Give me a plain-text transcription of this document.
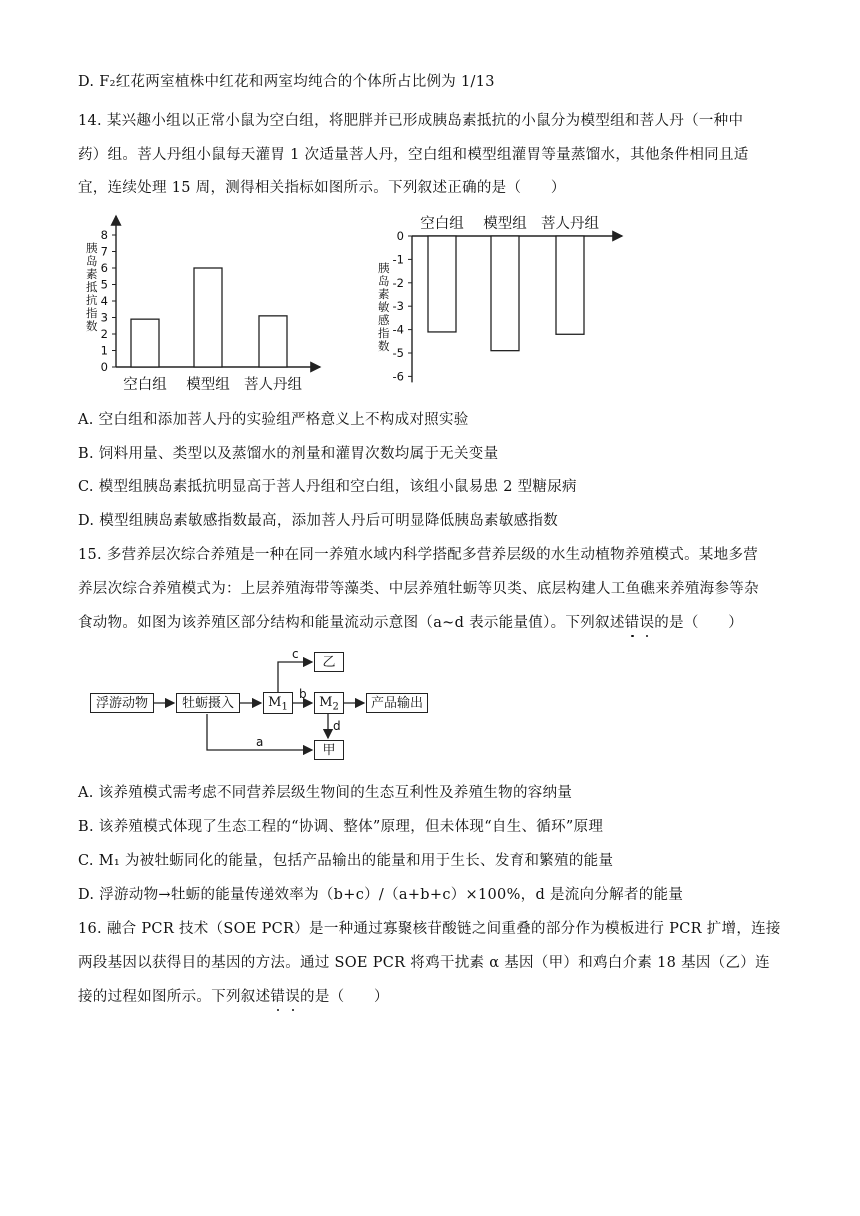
D. F₂红花两室植株中红花和两室均纯合的个体所占比例为 1/13
14. 某兴趣小组以正常小鼠为空白组，将肥胖并已形成胰岛素抵抗的小鼠分为模型组和菩人丹（一种中
药）组。菩人丹组小鼠每天灌胃 1 次适量菩人丹，空白组和模型组灌胃等量蒸馏水，其他条件相同且适
宜，连续处理 15 周，测得相关指标如图所示。下列叙述正确的是（　　）
胰
岛
素
抵
抗
指
数
0
1
2
3
4
5
6
7
8
空白组 模型组 菩人丹组
胰
岛
素
敏
感
指
数
0
-1
-2
-3
-4
-5
-6
空白组 模型组 菩人丹组
A. 空白组和添加菩人丹的实验组严格意义上不构成对照实验
B. 饲料用量、类型以及蒸馏水的剂量和灌胃次数均属于无关变量
C. 模型组胰岛素抵抗明显高于菩人丹组和空白组，该组小鼠易患 2 型糖尿病
D. 模型组胰岛素敏感指数最高，添加菩人丹后可明显降低胰岛素敏感指数
15. 多营养层次综合养殖是一种在同一养殖水域内科学搭配多营养层级的水生动植物养殖模式。某地多营
养层次综合养殖模式为：上层养殖海带等藻类、中层养殖牡蛎等贝类、底层构建人工鱼礁来养殖海参等杂
食动物。如图为该养殖区部分结构和能量流动示意图（a~d 表示能量值）。下列叙述错误的是（　　）
c
b
d
a
浮游动物	牡蛎摄入	$M_1$	$M_2$
乙
产品输出
甲
A. 该养殖模式需考虑不同营养层级生物间的生态互利性及养殖生物的容纳量
B. 该养殖模式体现了生态工程的“协调、整体”原理，但未体现“自生、循环”原理
C. M₁ 为被牡蛎同化的能量，包括产品输出的能量和用于生长、发育和繁殖的能量
D. 浮游动物→牡蛎的能量传递效率为（b+c）/（a+b+c）×100%，d 是流向分解者的能量
16. 融合 PCR 技术（SOE PCR）是一种通过寡聚核苷酸链之间重叠的部分作为模板进行 PCR 扩增，连接
两段基因以获得目的基因的方法。通过 SOE PCR 将鸡干扰素 α 基因（甲）和鸡白介素 18 基因（乙）连
接的过程如图所示。下列叙述错误的是（　　）
